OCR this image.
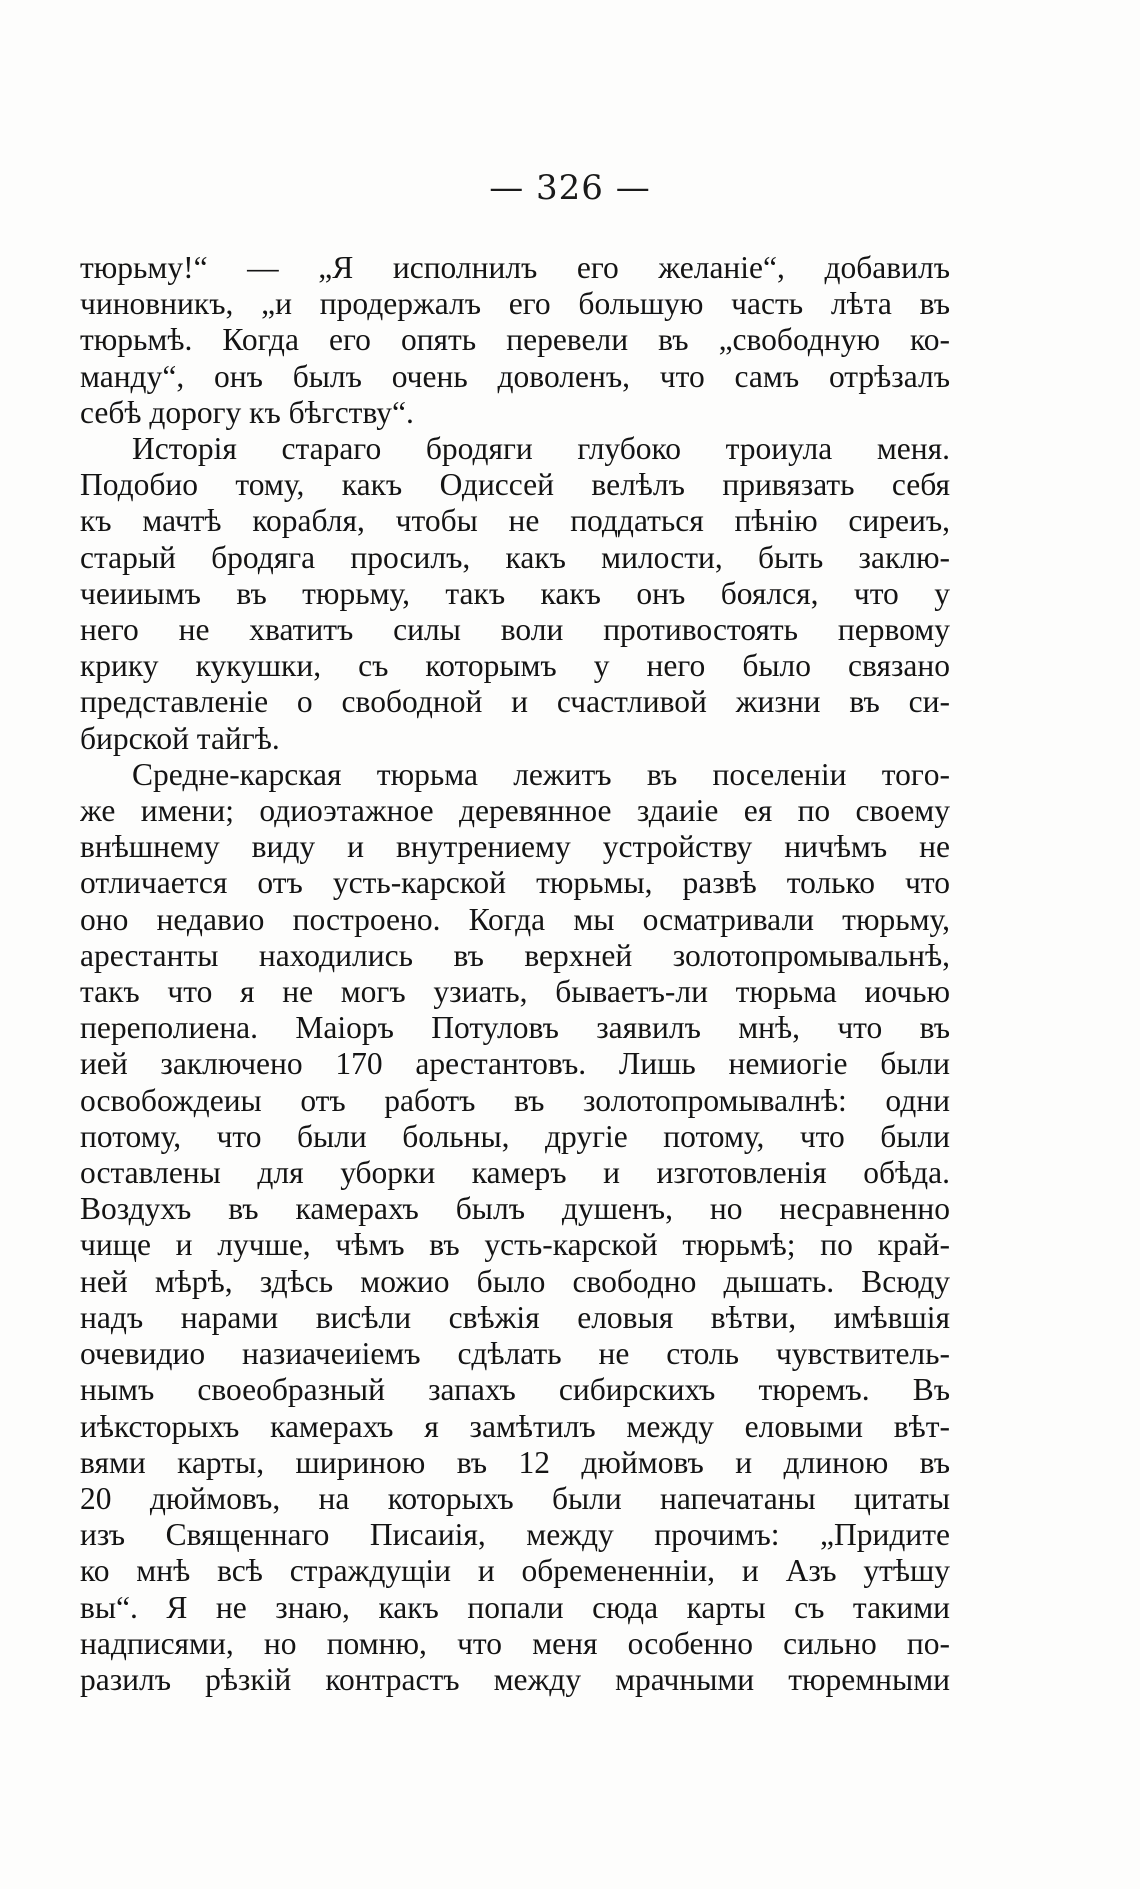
— 326 —
тюрьму!“ — „Я исполнилъ его желаніе“, добавилъ
чиновникъ, „и продержалъ его большую часть лѣта въ
тюрьмѣ. Когда его опять перевели въ „свободную ко-
манду“, онъ былъ очень доволенъ, что самъ отрѣзалъ
себѣ дорогу къ бѣгству“.
Исторія стараго бродяги глубоко троиула меня.
Подобио тому, какъ Одиссей велѣлъ привязать себя
къ мачтѣ корабля, чтобы не поддаться пѣнію сиреиъ,
старый бродяга просилъ, какъ милости, быть заклю-
чеииымъ въ тюрьму, такъ какъ онъ боялся, что у
него не хватитъ силы воли противостоять первому
крику кукушки, съ которымъ у него было связано
представленіе о свободной и счастливой жизни въ си-
бирской тайгѣ.
Средне-карская тюрьма лежитъ въ поселеніи тогo-
же имени; одиоэтажное деревянное здаиіе ея по своему
внѣшнему виду и внутрениему устройству ничѣмъ не
отличается отъ усть-карской тюрьмы, развѣ только что
оно недавио построено. Когда мы осматривали тюрьму,
арестанты находились въ верхней золотопромывальнѣ,
такъ что я не могъ узиать, бываетъ-ли тюрьма иочью
переполиена. Маіоръ Потуловъ заявилъ мнѣ, что въ
ией заключено 170 арестантовъ. Лишь немиогіе были
освобождеиы отъ работъ въ золотопромывалнѣ: одни
потому, что были больны, другіе потому, что были
оставлены для уборки камеръ и изготовленія обѣда.
Воздухъ въ камерахъ былъ душенъ, но несравненно
чище и лучше, чѣмъ въ усть-карской тюрьмѣ; по край-
ней мѣрѣ, здѣсь можио было свободно дышать. Всюду
надъ нарами висѣли свѣжія еловыя вѣтви, имѣвшія
очевидио назиачеиіемъ сдѣлать не столь чувствитель-
нымъ своеобразный запахъ сибирскихъ тюремъ. Въ
иѣксторыхъ камерахъ я замѣтилъ между еловыми вѣт-
вями карты, шириною въ 12 дюймовъ и длиною въ
20 дюймовъ, на которыхъ были напечатаны цитаты
изъ Священнаго Писаиія, между прочимъ: „Придите
ко мнѣ всѣ страждущіи и обремененніи, и Азъ утѣшу
вы“. Я не знаю, какъ попали сюда карты съ такими
надписями, но помню, что меня особенно сильно по-
разилъ рѣзкій контрастъ между мрачными тюремными
